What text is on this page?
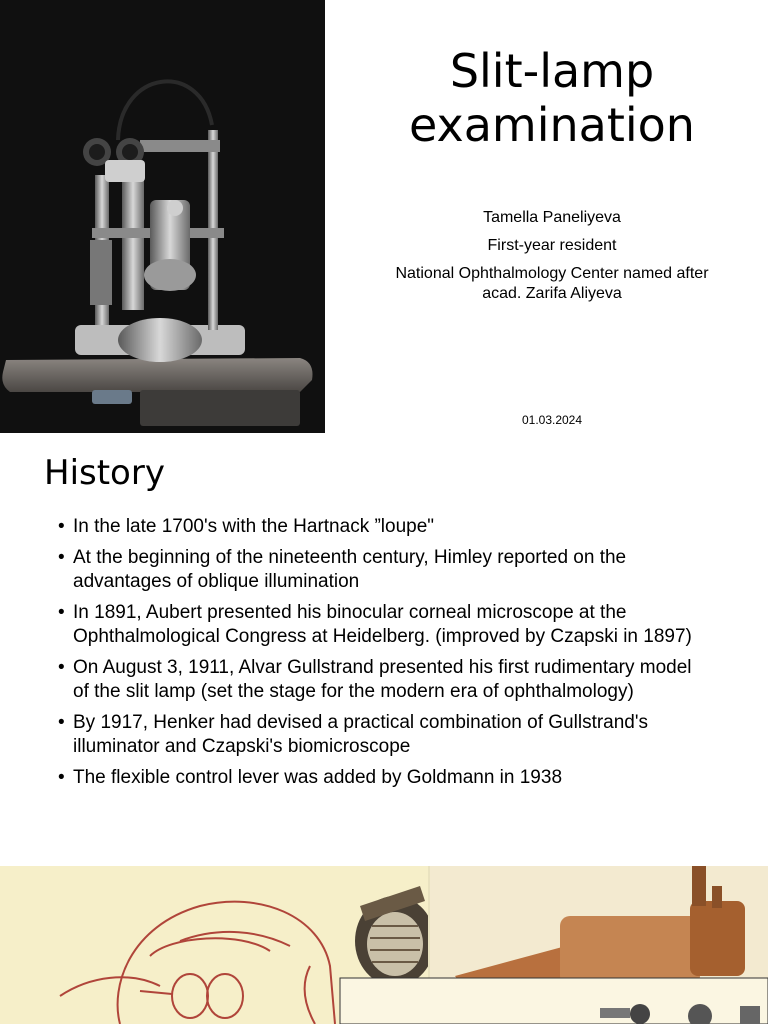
Slit-lamp
examination
Tamella Paneliyeva
First-year resident
National Ophthalmology Center named after acad. Zarifa Aliyeva
01.03.2024
History
• In the late 1700's with the Hartnack ”loupe"
• At the beginning of the nineteenth century, Himley reported on the advantages of oblique illumination
• In 1891, Aubert presented his binocular corneal microscope at the Ophthalmological Congress at Heidelberg. (improved by Czapski in 1897)
• On August 3, 1911, Alvar Gullstrand presented his first rudimentary model of the slit lamp (set the stage for the modern era of ophthalmology)
• By 1917, Henker had devised a practical combination of Gullstrand's illuminator and Czapski's biomicroscope
• The flexible control lever was added by Goldmann in 1938
